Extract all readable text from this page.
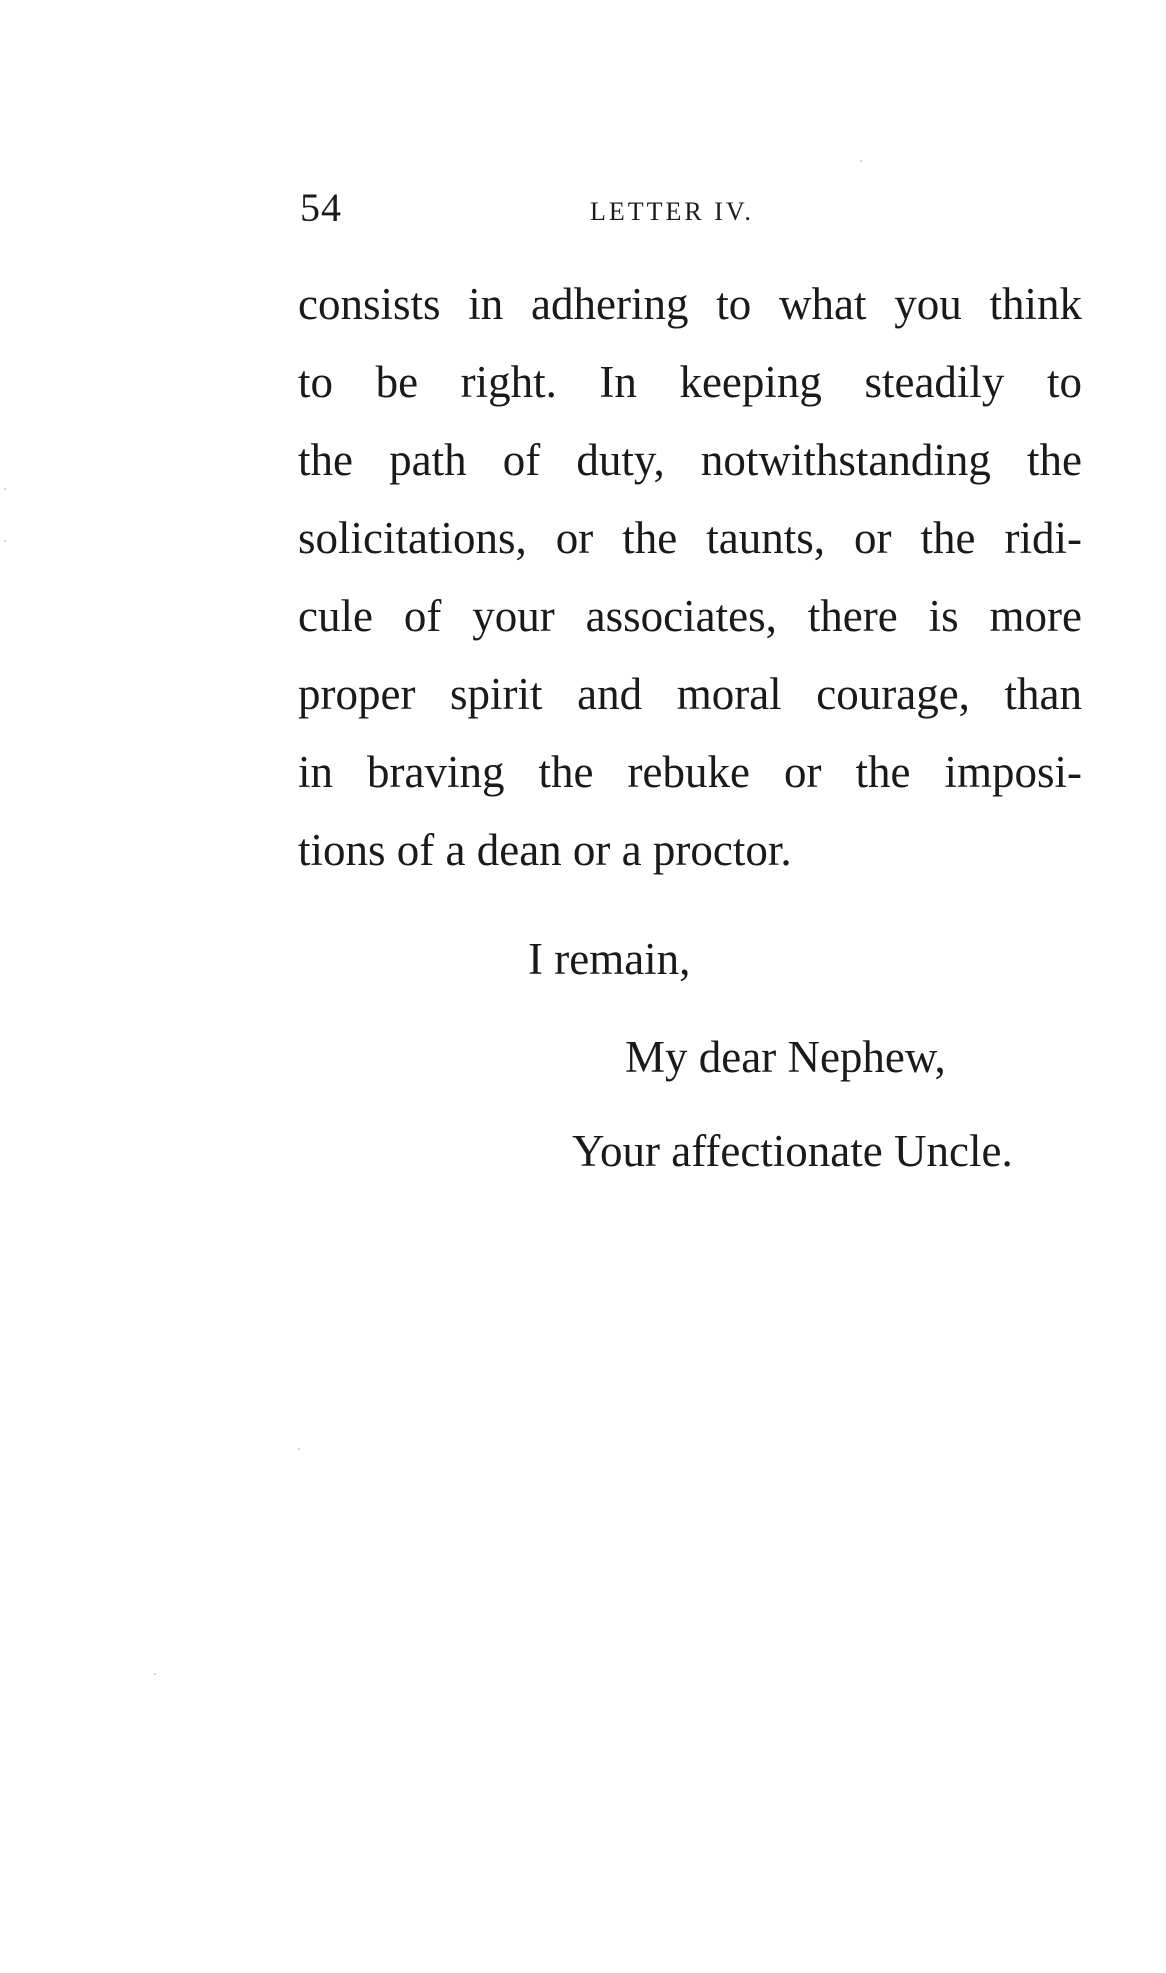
54	LETTER IV.
consists in adhering to what you think
to be right. In keeping steadily to
the path of duty, notwithstanding the
solicitations, or the taunts, or the ridi-
cule of your associates, there is more
proper spirit and moral courage, than
in braving the rebuke or the imposi-
tions of a dean or a proctor.
I remain,
My dear Nephew,
Your affectionate Uncle.
